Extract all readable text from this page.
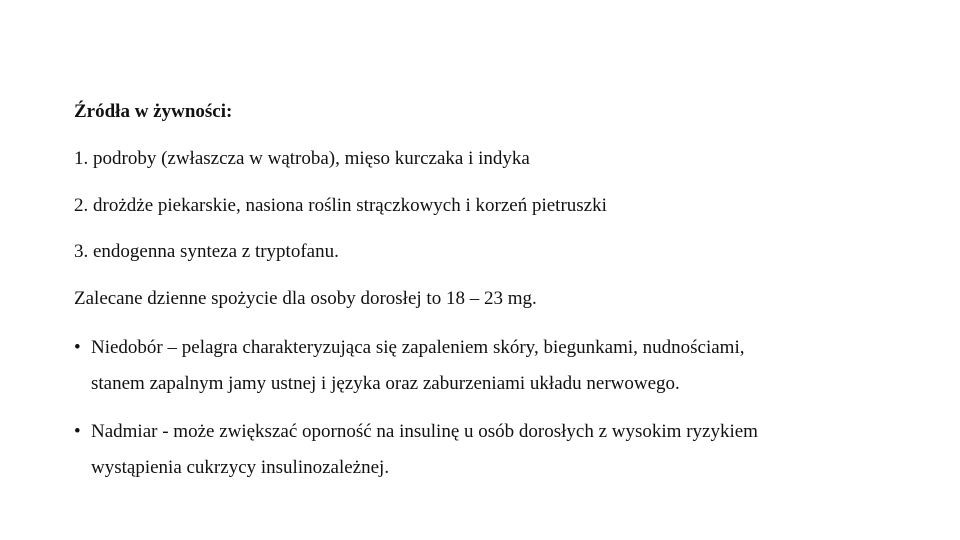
Źródła w żywności:
1. podroby (zwłaszcza w wątroba), mięso kurczaka i indyka
2. drożdże piekarskie, nasiona roślin strączkowych i korzeń pietruszki
3. endogenna synteza z tryptofanu.
Zalecane dzienne spożycie dla osoby dorosłej to 18 – 23 mg.
• Niedobór – pelagra charakteryzująca się zapaleniem skóry, biegunkami, nudnościami,
stanem zapalnym jamy ustnej i języka oraz zaburzeniami układu nerwowego.
• Nadmiar - może zwiększać oporność na insulinę u osób dorosłych z wysokim ryzykiem
wystąpienia cukrzycy insulinozależnej.
